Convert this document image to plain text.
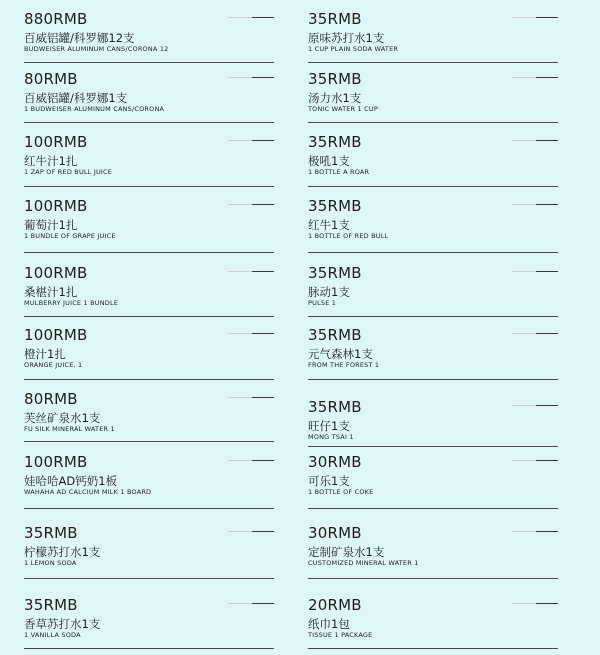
880RMB
百威铝罐/科罗娜12支
BUDWEISER ALUMINUM CANS/CORONA 12
80RMB
百威铝罐/科罗娜1支
1 BUDWEISER ALUMINUM CANS/CORONA
100RMB
红牛汁1扎
1 ZAP OF RED BULL JUICE
100RMB
葡萄汁1扎
1 BUNDLE OF GRAPE JUICE
100RMB
桑椹汁1扎
MULBERRY JUICE 1 BUNDLE
100RMB
橙汁1扎
ORANGE JUICE, 1
80RMB
芙丝矿泉水1支
FU SILK MINERAL WATER 1
100RMB
娃哈哈AD钙奶1板
WAHAHA AD CALCIUM MILK 1 BOARD
35RMB
柠檬苏打水1支
1 LEMON SODA
35RMB
香草苏打水1支
1 VANILLA SODA
35RMB
原味苏打水1支
1 CUP PLAIN SODA WATER
35RMB
汤力水1支
TONIC WATER 1 CUP
35RMB
极吼1支
1 BOTTLE A ROAR
35RMB
红牛1支
1 BOTTLE OF RED BULL
35RMB
脉动1支
PULSE 1
35RMB
元气森林1支
FROM THE FOREST 1
35RMB
旺仔1支
MONG TSAI 1
30RMB
可乐1支
1 BOTTLE OF COKE
30RMB
定制矿泉水1支
CUSTOMIZED MINERAL WATER 1
20RMB
纸巾1包
TISSUE 1 PACKAGE
